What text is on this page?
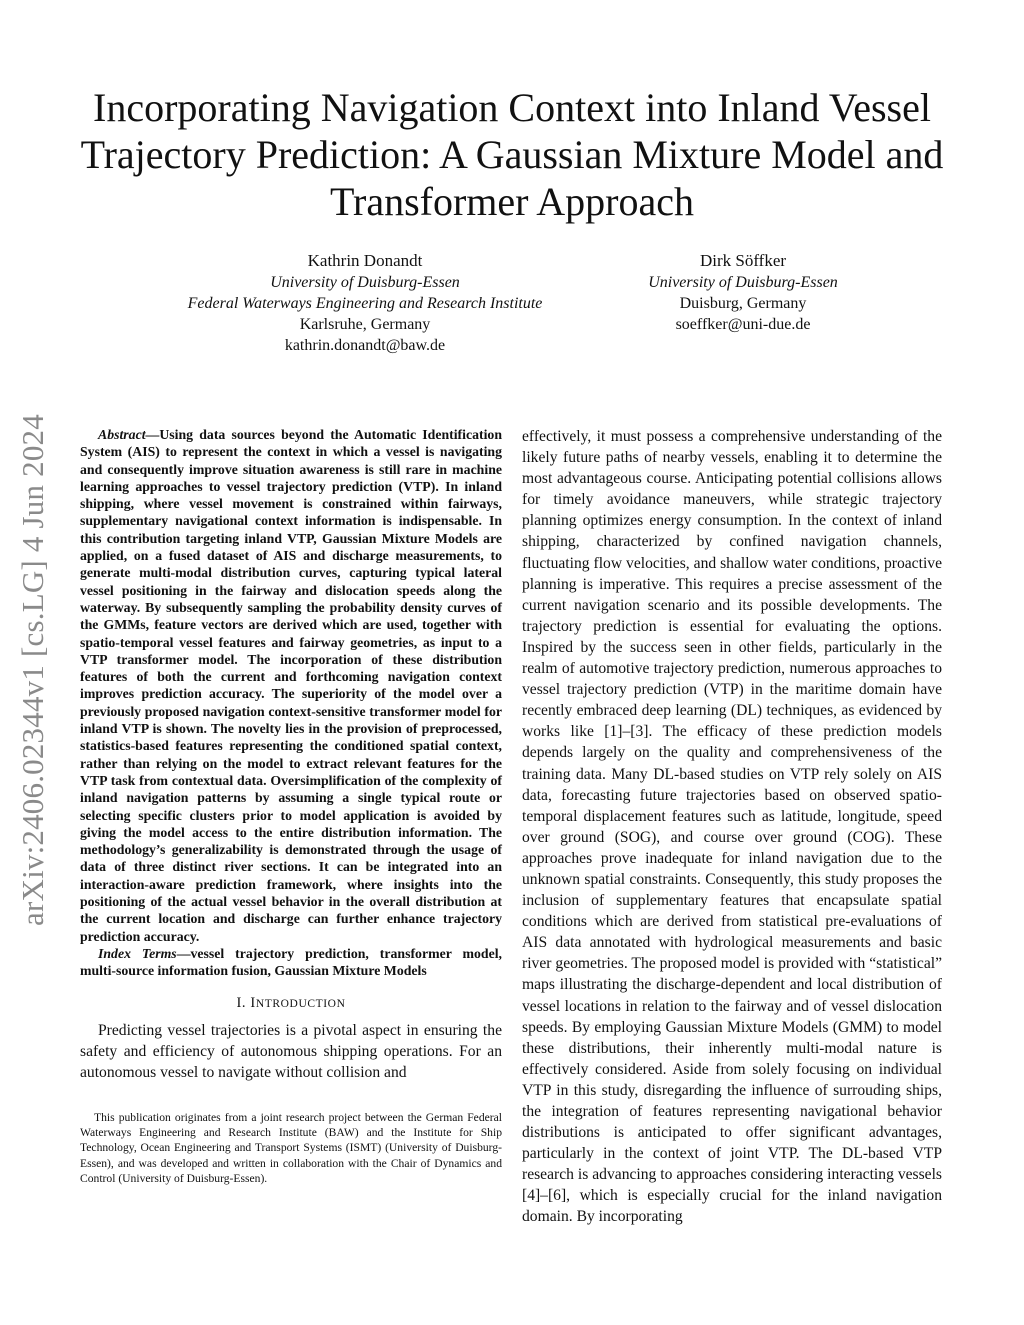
Incorporating Navigation Context into Inland Vessel Trajectory Prediction: A Gaussian Mixture Model and Transformer Approach
Kathrin Donandt
University of Duisburg-Essen
Federal Waterways Engineering and Research Institute
Karlsruhe, Germany
kathrin.donandt@baw.de
Dirk Söffker
University of Duisburg-Essen
Duisburg, Germany
soeffker@uni-due.de
arXiv:2406.02344v1 [cs.LG] 4 Jun 2024	Abstract—Using data sources beyond the Automatic Identification System (AIS) to represent the context in which a vessel is navigating and consequently improve situation awareness is still rare in machine learning approaches to vessel trajectory prediction (VTP). In inland shipping, where vessel movement is constrained within fairways, supplementary navigational context information is indispensable. In this contribution targeting inland VTP, Gaussian Mixture Models are applied, on a fused dataset of AIS and discharge measurements, to generate multi-modal distribution curves, capturing typical lateral vessel positioning in the fairway and dislocation speeds along the waterway. By subsequently sampling the probability density curves of the GMMs, feature vectors are derived which are used, together with spatio-temporal vessel features and fairway geometries, as input to a VTP transformer model. The incorporation of these distribution features of both the current and forthcoming navigation context improves prediction accuracy. The superiority of the model over a previously proposed navigation context-sensitive transformer model for inland VTP is shown. The novelty lies in the provision of preprocessed, statistics-based features representing the conditioned spatial context, rather than relying on the model to extract relevant features for the VTP task from contextual data. Oversimplification of the complexity of inland navigation patterns by assuming a single typical route or selecting specific clusters prior to model application is avoided by giving the model access to the entire distribution information. The methodology’s generalizability is demonstrated through the usage of data of three distinct river sections. It can be integrated into an interaction-aware prediction framework, where insights into the positioning of the actual vessel behavior in the overall distribution at the current location and discharge can further enhance trajectory prediction accuracy.

Index Terms—vessel trajectory prediction, transformer model, multi-source information fusion, Gaussian Mixture Models

I. INTRODUCTION

Predicting vessel trajectories is a pivotal aspect in ensuring the safety and efficiency of autonomous shipping operations. For an autonomous vessel to navigate without collision and

This publication originates from a joint research project between the German Federal Waterways Engineering and Research Institute (BAW) and the Institute for Ship Technology, Ocean Engineering and Transport Systems (ISMT) (University of Duisburg-Essen), and was developed and written in collaboration with the Chair of Dynamics and Control (University of Duisburg-Essen).

effectively, it must possess a comprehensive understanding of the likely future paths of nearby vessels, enabling it to determine the most advantageous course. Anticipating potential collisions allows for timely avoidance maneuvers, while strategic trajectory planning optimizes energy consumption. In the context of inland shipping, characterized by confined navigation channels, fluctuating flow velocities, and shallow water conditions, proactive planning is imperative. This requires a precise assessment of the current navigation scenario and its possible developments. The trajectory prediction is essential for evaluating the options. Inspired by the success seen in other fields, particularly in the realm of automotive trajectory prediction, numerous approaches to vessel trajectory prediction (VTP) in the maritime domain have recently embraced deep learning (DL) techniques, as evidenced by works like [1]–[3]. The efficacy of these prediction models depends largely on the quality and comprehensiveness of the training data. Many DL-based studies on VTP rely solely on AIS data, forecasting future trajectories based on observed spatio-temporal displacement features such as latitude, longitude, speed over ground (SOG), and course over ground (COG). These approaches prove inadequate for inland navigation due to the unknown spatial constraints. Consequently, this study proposes the inclusion of supplementary features that encapsulate spatial conditions which are derived from statistical pre-evaluations of AIS data annotated with hydrological measurements and basic river geometries. The proposed model is provided with “statistical” maps illustrating the discharge-dependent and local distribution of vessel locations in relation to the fairway and of vessel dislocation speeds. By employing Gaussian Mixture Models (GMM) to model these distributions, their inherently multi-modal nature is effectively considered. Aside from solely focusing on individual VTP in this study, disregarding the influence of surrouding ships, the integration of features representing navigational behavior distributions is anticipated to offer significant advantages, particularly in the context of joint VTP. The DL-based VTP research is advancing to approaches considering interacting vessels [4]–[6], which is especially crucial for the inland navigation domain. By incorporating
